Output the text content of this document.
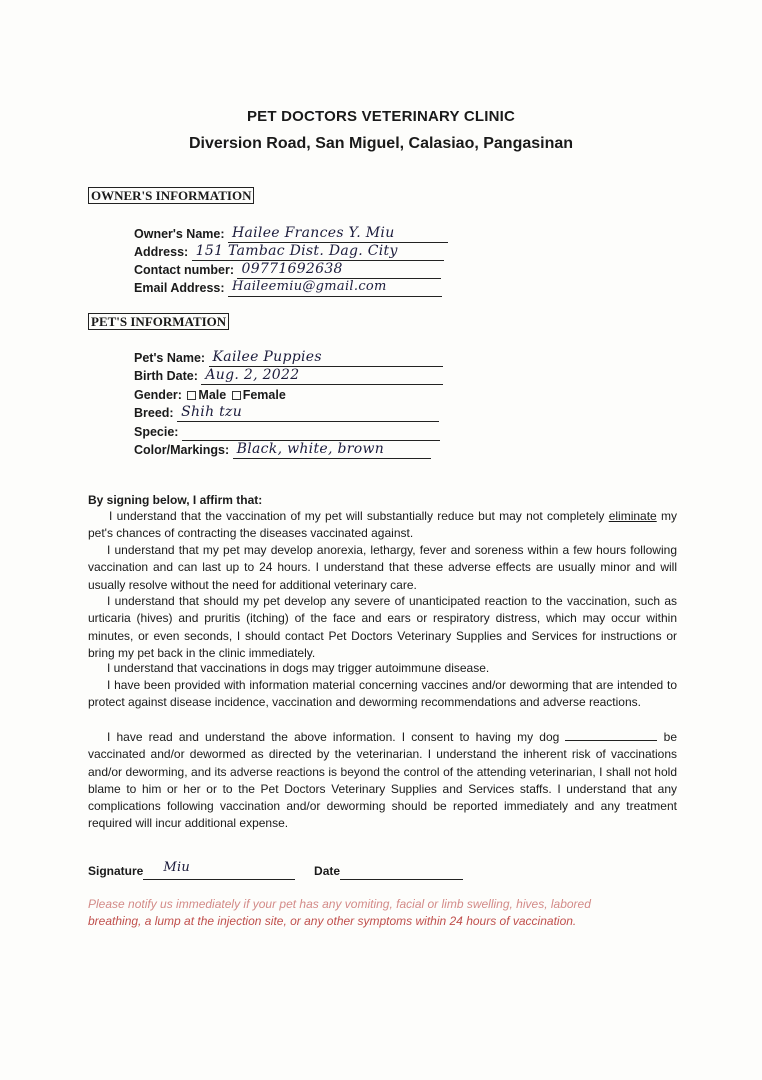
PET DOCTORS VETERINARY CLINIC
Diversion Road, San Miguel, Calasiao, Pangasinan
OWNER'S INFORMATION
Owner's Name: Hailee Frances Y. Miu
Address: 151 Tambac Dist. Dag. City
Contact number: 09771692638
Email Address: Haileemiu@gmail.com
PET'S INFORMATION
Pet's Name: Kailee Puppies
Birth Date: Aug. 2, 2022
Gender: Male Female
Breed: Shih tzu
Specie:
Color/Markings: Black, white, brown
By signing below, I affirm that:
I understand that the vaccination of my pet will substantially reduce but may not completely eliminate my pet's chances of contracting the diseases vaccinated against.
I understand that my pet may develop anorexia, lethargy, fever and soreness within a few hours following vaccination and can last up to 24 hours. I understand that these adverse effects are usually minor and will usually resolve without the need for additional veterinary care.
I understand that should my pet develop any severe of unanticipated reaction to the vaccination, such as urticaria (hives) and pruritis (itching) of the face and ears or respiratory distress, which may occur within minutes, or even seconds, I should contact Pet Doctors Veterinary Supplies and Services for instructions or bring my pet back in the clinic immediately.
I understand that vaccinations in dogs may trigger autoimmune disease.
I have been provided with information material concerning vaccines and/or deworming that are intended to protect against disease incidence, vaccination and deworming recommendations and adverse reactions.
I have read and understand the above information. I consent to having my dog	be vaccinated and/or dewormed as directed by the veterinarian. I understand the inherent risk of vaccinations and/or deworming, and its adverse reactions is beyond the control of the attending veterinarian, I shall not hold blame to him or her or to the Pet Doctors Veterinary Supplies and Services staffs. I understand that any complications following vaccination and/or deworming should be reported immediately and any treatment required will incur additional expense.
Signature Miu	Date
Please notify us immediately if your pet has any vomiting, facial or limb swelling, hives, labored
breathing, a lump at the injection site, or any other symptoms within 24 hours of vaccination.
